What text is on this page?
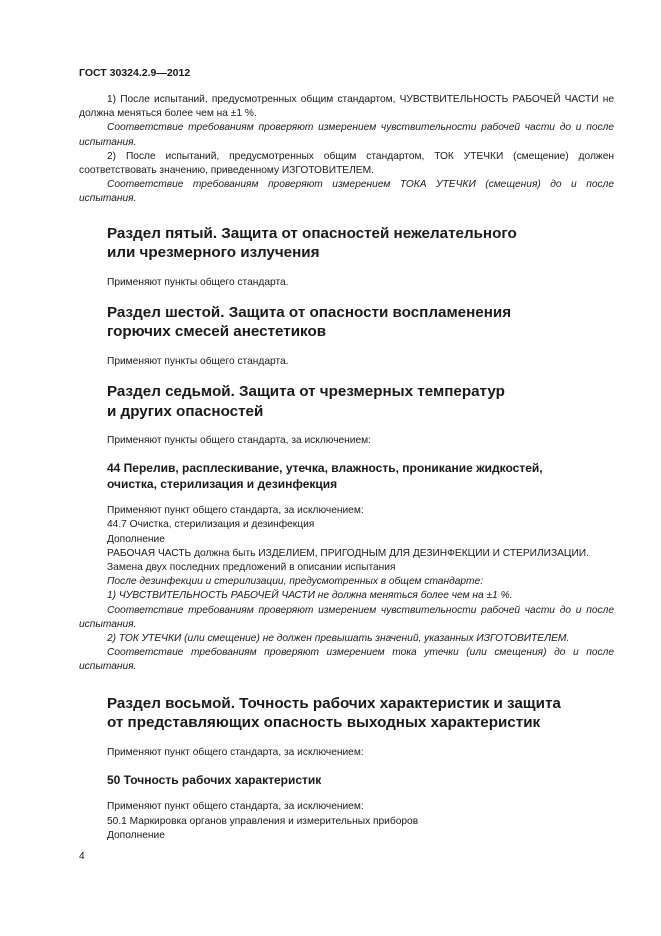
ГОСТ 30324.2.9—2012

1) После испытаний, предусмотренных общим стандартом, ЧУВСТВИТЕЛЬНОСТЬ РАБОЧЕЙ ЧАСТИ не должна меняться более чем на ±1 %.

Соответствие требованиям проверяют измерением чувствительности рабочей части до и после испытания.

2) После испытаний, предусмотренных общим стандартом, ТОК УТЕЧКИ (смещение) должен соответствовать значению, приведенному ИЗГОТОВИТЕЛЕМ.

Соответствие требованиям проверяют измерением ТОКА УТЕЧКИ (смещения) до и после испытания.

Раздел пятый. Защита от опасностей нежелательного
или чрезмерного излучения

Применяют пункты общего стандарта.

Раздел шестой. Защита от опасности воспламенения
горючих смесей анестетиков

Применяют пункты общего стандарта.

Раздел седьмой. Защита от чрезмерных температур
и других опасностей

Применяют пункты общего стандарта, за исключением:

44 Перелив, расплескивание, утечка, влажность, проникание жидкостей,
очистка, стерилизация и дезинфекция

Применяют пункт общего стандарта, за исключением:

44.7 Очистка, стерилизация и дезинфекция

Дополнение

РАБОЧАЯ ЧАСТЬ должна быть ИЗДЕЛИЕМ, ПРИГОДНЫМ ДЛЯ ДЕЗИНФЕКЦИИ И СТЕРИЛИЗАЦИИ.

Замена двух последних предложений в описании испытания

После дезинфекции и стерилизации, предусмотренных в общем стандарте:

1) ЧУВСТВИТЕЛЬНОСТЬ РАБОЧЕЙ ЧАСТИ не должна меняться более чем на ±1 %.

Соответствие требованиям проверяют измерением чувствительности рабочей части до и после испытания.

2) ТОК УТЕЧКИ (или смещение) не должен превышать значений, указанных ИЗГОТОВИТЕЛЕМ.

Соответствие требованиям проверяют измерением тока утечки (или смещения) до и после испытания.

Раздел восьмой. Точность рабочих характеристик и защита
от представляющих опасность выходных характеристик

Применяют пункт общего стандарта, за исключением:

50 Точность рабочих характеристик

Применяют пункт общего стандарта, за исключением:

50.1 Маркировка органов управления и измерительных приборов

Дополнение

4
